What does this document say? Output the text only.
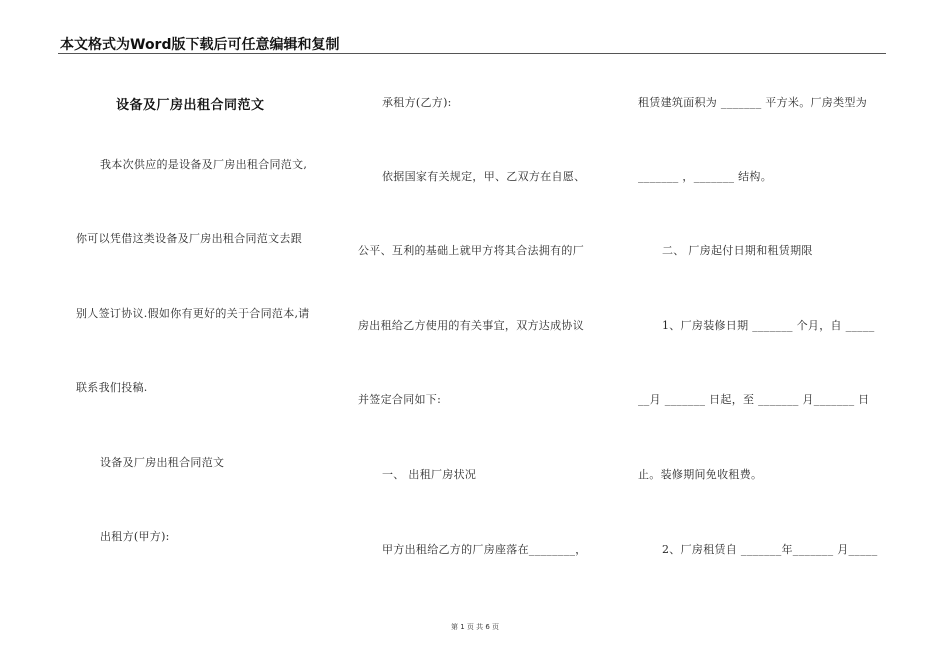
本文格式为Word版下载后可任意编辑和复制
设备及厂房出租合同范文
我本次供应的是设备及厂房出租合同范文,
你可以凭借这类设备及厂房出租合同范文去跟
别人签订协议.假如你有更好的关于合同范本,请
联系我们投稿.
设备及厂房出租合同范文
出租方(甲方):
承租方(乙方):
依据国家有关规定，甲、乙双方在自愿、
公平、互利的基础上就甲方将其合法拥有的厂
房出租给乙方使用的有关事宜，双方达成协议
并签定合同如下:
一、 出租厂房状况
甲方出租给乙方的厂房座落在________，
租赁建筑面积为 _______ 平方米。厂房类型为
_______ ，_______ 结构。
二、 厂房起付日期和租赁期限
1、厂房装修日期 _______ 个月，自 _____
__月 _______ 日起，至 _______ 月_______ 日
止。装修期间免收租费。
2、厂房租赁自 _______年_______ 月_____
第 1 页 共 6 页
